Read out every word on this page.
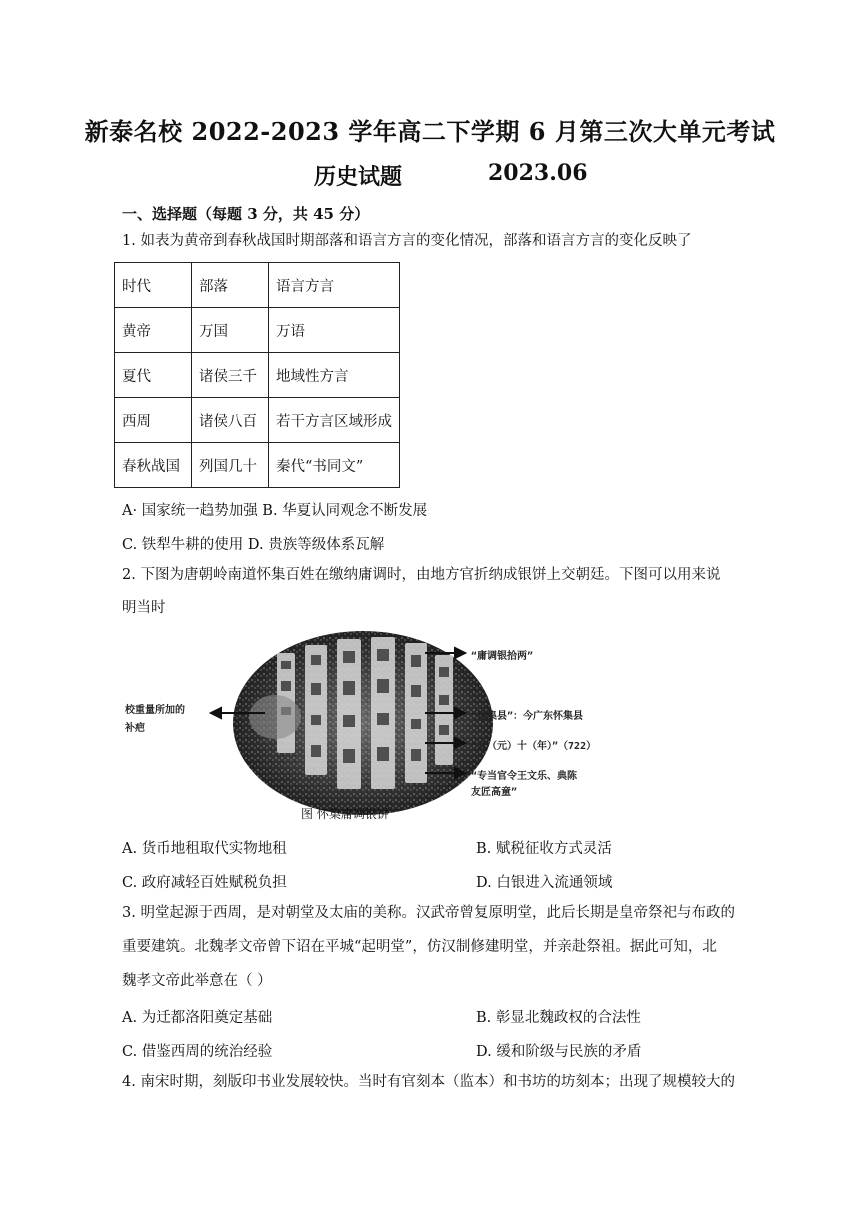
新泰名校 2022-2023 学年高二下学期 6 月第三次大单元考试
历史试题	2023.06
一、选择题（每题 3 分，共 45 分）
1. 如表为黄帝到春秋战国时期部落和语言方言的变化情况，部落和语言方言的变化反映了
时代	部落	语言方言
黄帝	万国	万语
夏代	诸侯三千	地域性方言
西周	诸侯八百	若干方言区域形成
春秋战国	列国几十	秦代“书同文”
A· 国家统一趋势加强 B. 华夏认同观念不断发展
C. 铁犁牛耕的使用 D. 贵族等级体系瓦解
2. 下图为唐朝岭南道怀集百姓在缴纳庸调时，由地方官折纳成银饼上交朝廷。下图可以用来说
明当时
校重量所加的
补疤
“庸调银拾两”
“怀集县”：今广东怀集县
“开（元）十（年）”（722）
“专当官令王文乐、典陈
友匠高童”
图 怀集庸调银饼
A. 货币地租取代实物地租	B. 赋税征收方式灵活
C. 政府减轻百姓赋税负担	D. 白银进入流通领域
3. 明堂起源于西周，是对朝堂及太庙的美称。汉武帝曾复原明堂，此后长期是皇帝祭祀与布政的
重要建筑。北魏孝文帝曾下诏在平城“起明堂”，仿汉制修建明堂，并亲赴祭祖。据此可知，北
魏孝文帝此举意在（ ）
A. 为迁都洛阳奠定基础	B. 彰显北魏政权的合法性
C. 借鉴西周的统治经验	D. 缓和阶级与民族的矛盾
4. 南宋时期，刻版印书业发展较快。当时有官刻本（监本）和书坊的坊刻本；出现了规模较大的
